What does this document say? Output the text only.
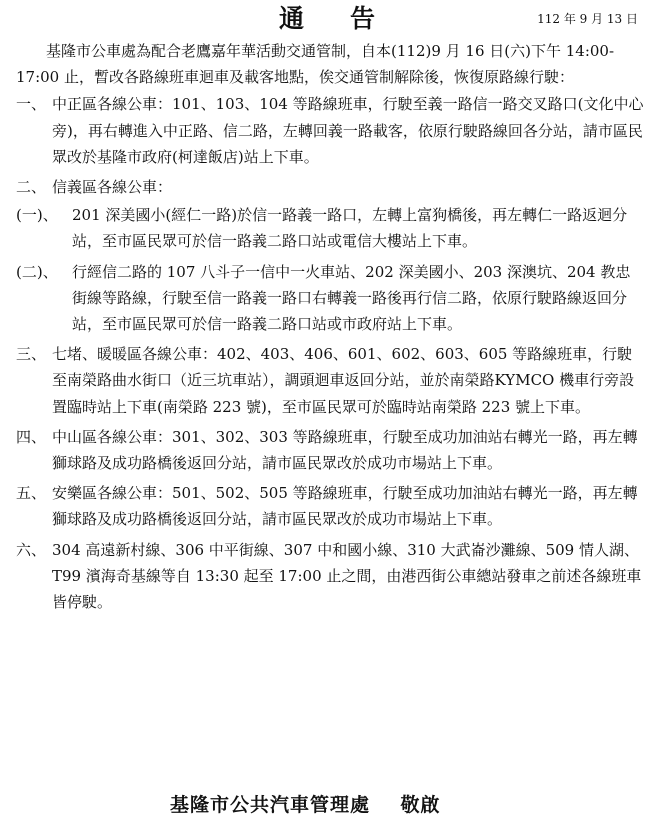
通告	112 年 9 月 13 日

基隆市公車處為配合老鷹嘉年華活動交通管制，自本(112)9 月 16 日(六)下午 14:00-17:00 止，暫改各路線班車迴車及載客地點，俟交通管制解除後，恢復原路線行駛：

一、 中正區各線公車：101、103、104 等路線班車，行駛至義一路信一路交叉路口(文化中心旁)，再右轉進入中正路、信二路，左轉回義一路載客，依原行駛路線回各分站，請市區民眾改於基隆市政府(柯達飯店)站上下車。
二、 信義區各線公車：
(一)、 201 深美國小(經仁一路)於信一路義一路口，左轉上富狗橋後，再左轉仁一路返迴分站，至市區民眾可於信一路義二路口站或電信大樓站上下車。
(二)、 行經信二路的 107 八斗子一信中一火車站、202 深美國小、203 深澳坑、204 教忠街線等路線，行駛至信一路義一路口右轉義一路後再行信二路，依原行駛路線返回分站，至市區民眾可於信一路義二路口站或市政府站上下車。
三、 七堵、暖暖區各線公車：402、403、406、601、602、603、605 等路線班車，行駛至南榮路曲水街口（近三坑車站），調頭迴車返回分站，並於南榮路KYMCO 機車行旁設置臨時站上下車(南榮路 223 號)，至市區民眾可於臨時站南榮路 223 號上下車。
四、 中山區各線公車：301、302、303 等路線班車，行駛至成功加油站右轉光一路，再左轉獅球路及成功路橋後返回分站，請市區民眾改於成功市場站上下車。
五、 安樂區各線公車：501、502、505 等路線班車，行駛至成功加油站右轉光一路，再左轉獅球路及成功路橋後返回分站，請市區民眾改於成功市場站上下車。
六、 304 高遠新村線、306 中平街線、307 中和國小線、310 大武崙沙灘線、509 情人湖、T99 濱海奇基線等自 13:30 起至 17:00 止之間，由港西街公車總站發車之前述各線班車皆停駛。
基隆市公共汽車管理處    敬啟
